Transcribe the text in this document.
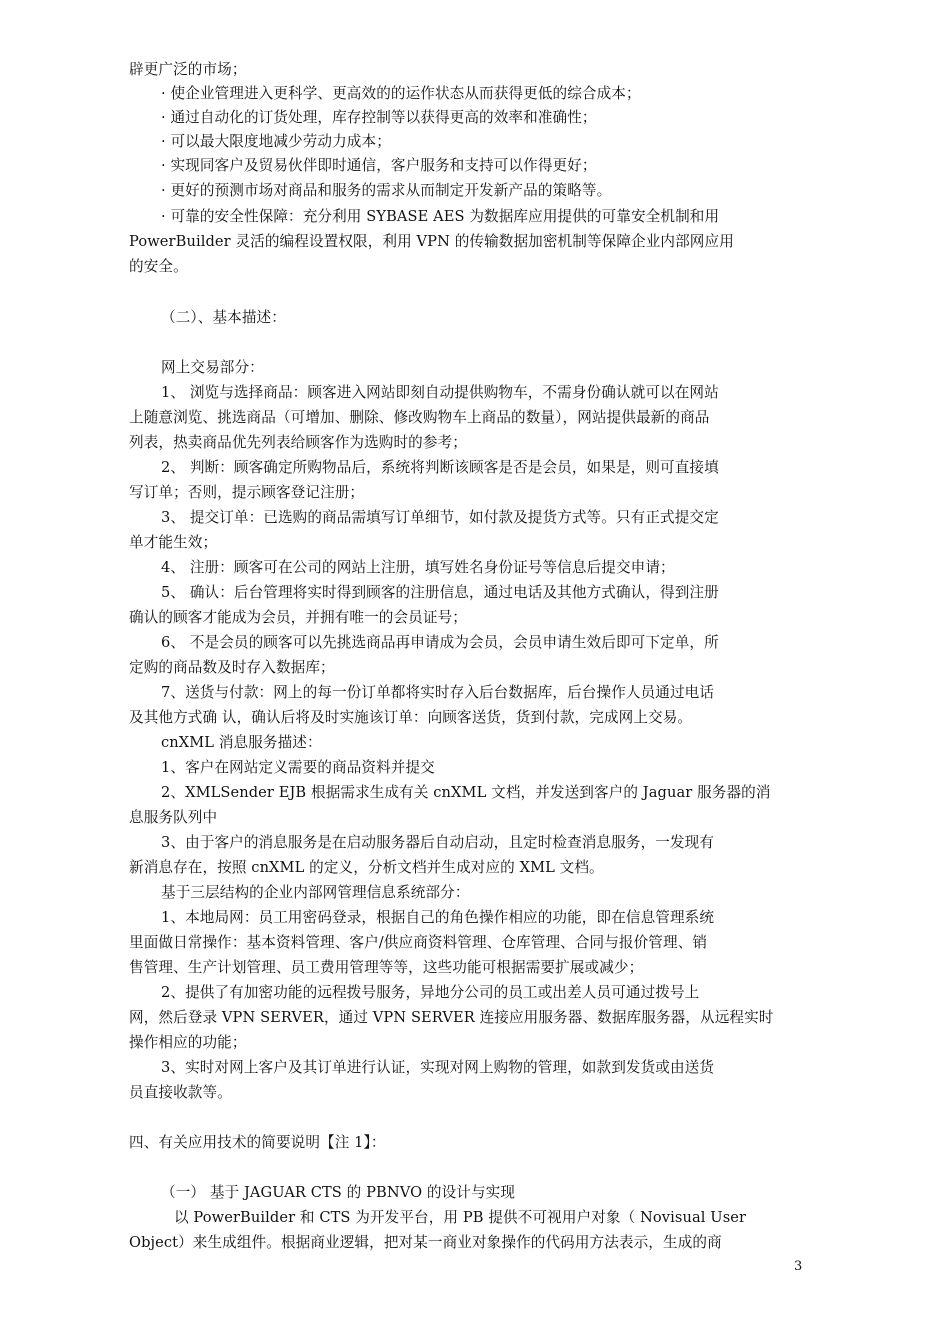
辟更广泛的市场；
· 使企业管理进入更科学、更高效的的运作状态从而获得更低的综合成本；
· 通过自动化的订货处理，库存控制等以获得更高的效率和准确性；
· 可以最大限度地减少劳动力成本；
· 实现同客户及贸易伙伴即时通信，客户服务和支持可以作得更好；
· 更好的预测市场对商品和服务的需求从而制定开发新产品的策略等。
· 可靠的安全性保障：充分利用 SYBASE AES 为数据库应用提供的可靠安全机制和用
PowerBuilder 灵活的编程设置权限，利用 VPN 的传输数据加密机制等保障企业内部网应用
的安全。
（二）、基本描述：
网上交易部分：
1、 浏览与选择商品：顾客进入网站即刻自动提供购物车，不需身份确认就可以在网站
上随意浏览、挑选商品（可增加、删除、修改购物车上商品的数量），网站提供最新的商品
列表，热卖商品优先列表给顾客作为选购时的参考；
2、 判断：顾客确定所购物品后，系统将判断该顾客是否是会员，如果是，则可直接填
写订单；否则，提示顾客登记注册；
3、 提交订单：已选购的商品需填写订单细节，如付款及提货方式等。只有正式提交定
单才能生效；
4、 注册：顾客可在公司的网站上注册，填写姓名身份证号等信息后提交申请；
5、 确认：后台管理将实时得到顾客的注册信息，通过电话及其他方式确认，得到注册
确认的顾客才能成为会员，并拥有唯一的会员证号；
6、 不是会员的顾客可以先挑选商品再申请成为会员，会员申请生效后即可下定单，所
定购的商品数及时存入数据库；
7、送货与付款：网上的每一份订单都将实时存入后台数据库，后台操作人员通过电话
及其他方式确 认，确认后将及时实施该订单：向顾客送货，货到付款，完成网上交易。
cnXML 消息服务描述：
1、客户在网站定义需要的商品资料并提交
2、XMLSender EJB 根据需求生成有关 cnXML 文档，并发送到客户的 Jaguar 服务器的消
息服务队列中
3、由于客户的消息服务是在启动服务器后自动启动，且定时检查消息服务，一发现有
新消息存在，按照 cnXML 的定义，分析文档并生成对应的 XML 文档。
基于三层结构的企业内部网管理信息系统部分：
1、本地局网：员工用密码登录，根据自己的角色操作相应的功能，即在信息管理系统
里面做日常操作：基本资料管理、客户/供应商资料管理、仓库管理、合同与报价管理、销
售管理、生产计划管理、员工费用管理等等，这些功能可根据需要扩展或减少；
2、提供了有加密功能的远程拨号服务，异地分公司的员工或出差人员可通过拨号上
网，然后登录 VPN SERVER，通过 VPN SERVER 连接应用服务器、数据库服务器，从远程实时
操作相应的功能；
3、实时对网上客户及其订单进行认证，实现对网上购物的管理，如款到发货或由送货
员直接收款等。
四、有关应用技术的简要说明【注 1】：
（一） 基于 JAGUAR CTS 的 PBNVO 的设计与实现
以 PowerBuilder 和 CTS 为开发平台，用 PB 提供不可视用户对象（ Novisual User
Object）来生成组件。根据商业逻辑，把对某一商业对象操作的代码用方法表示，生成的商
3
